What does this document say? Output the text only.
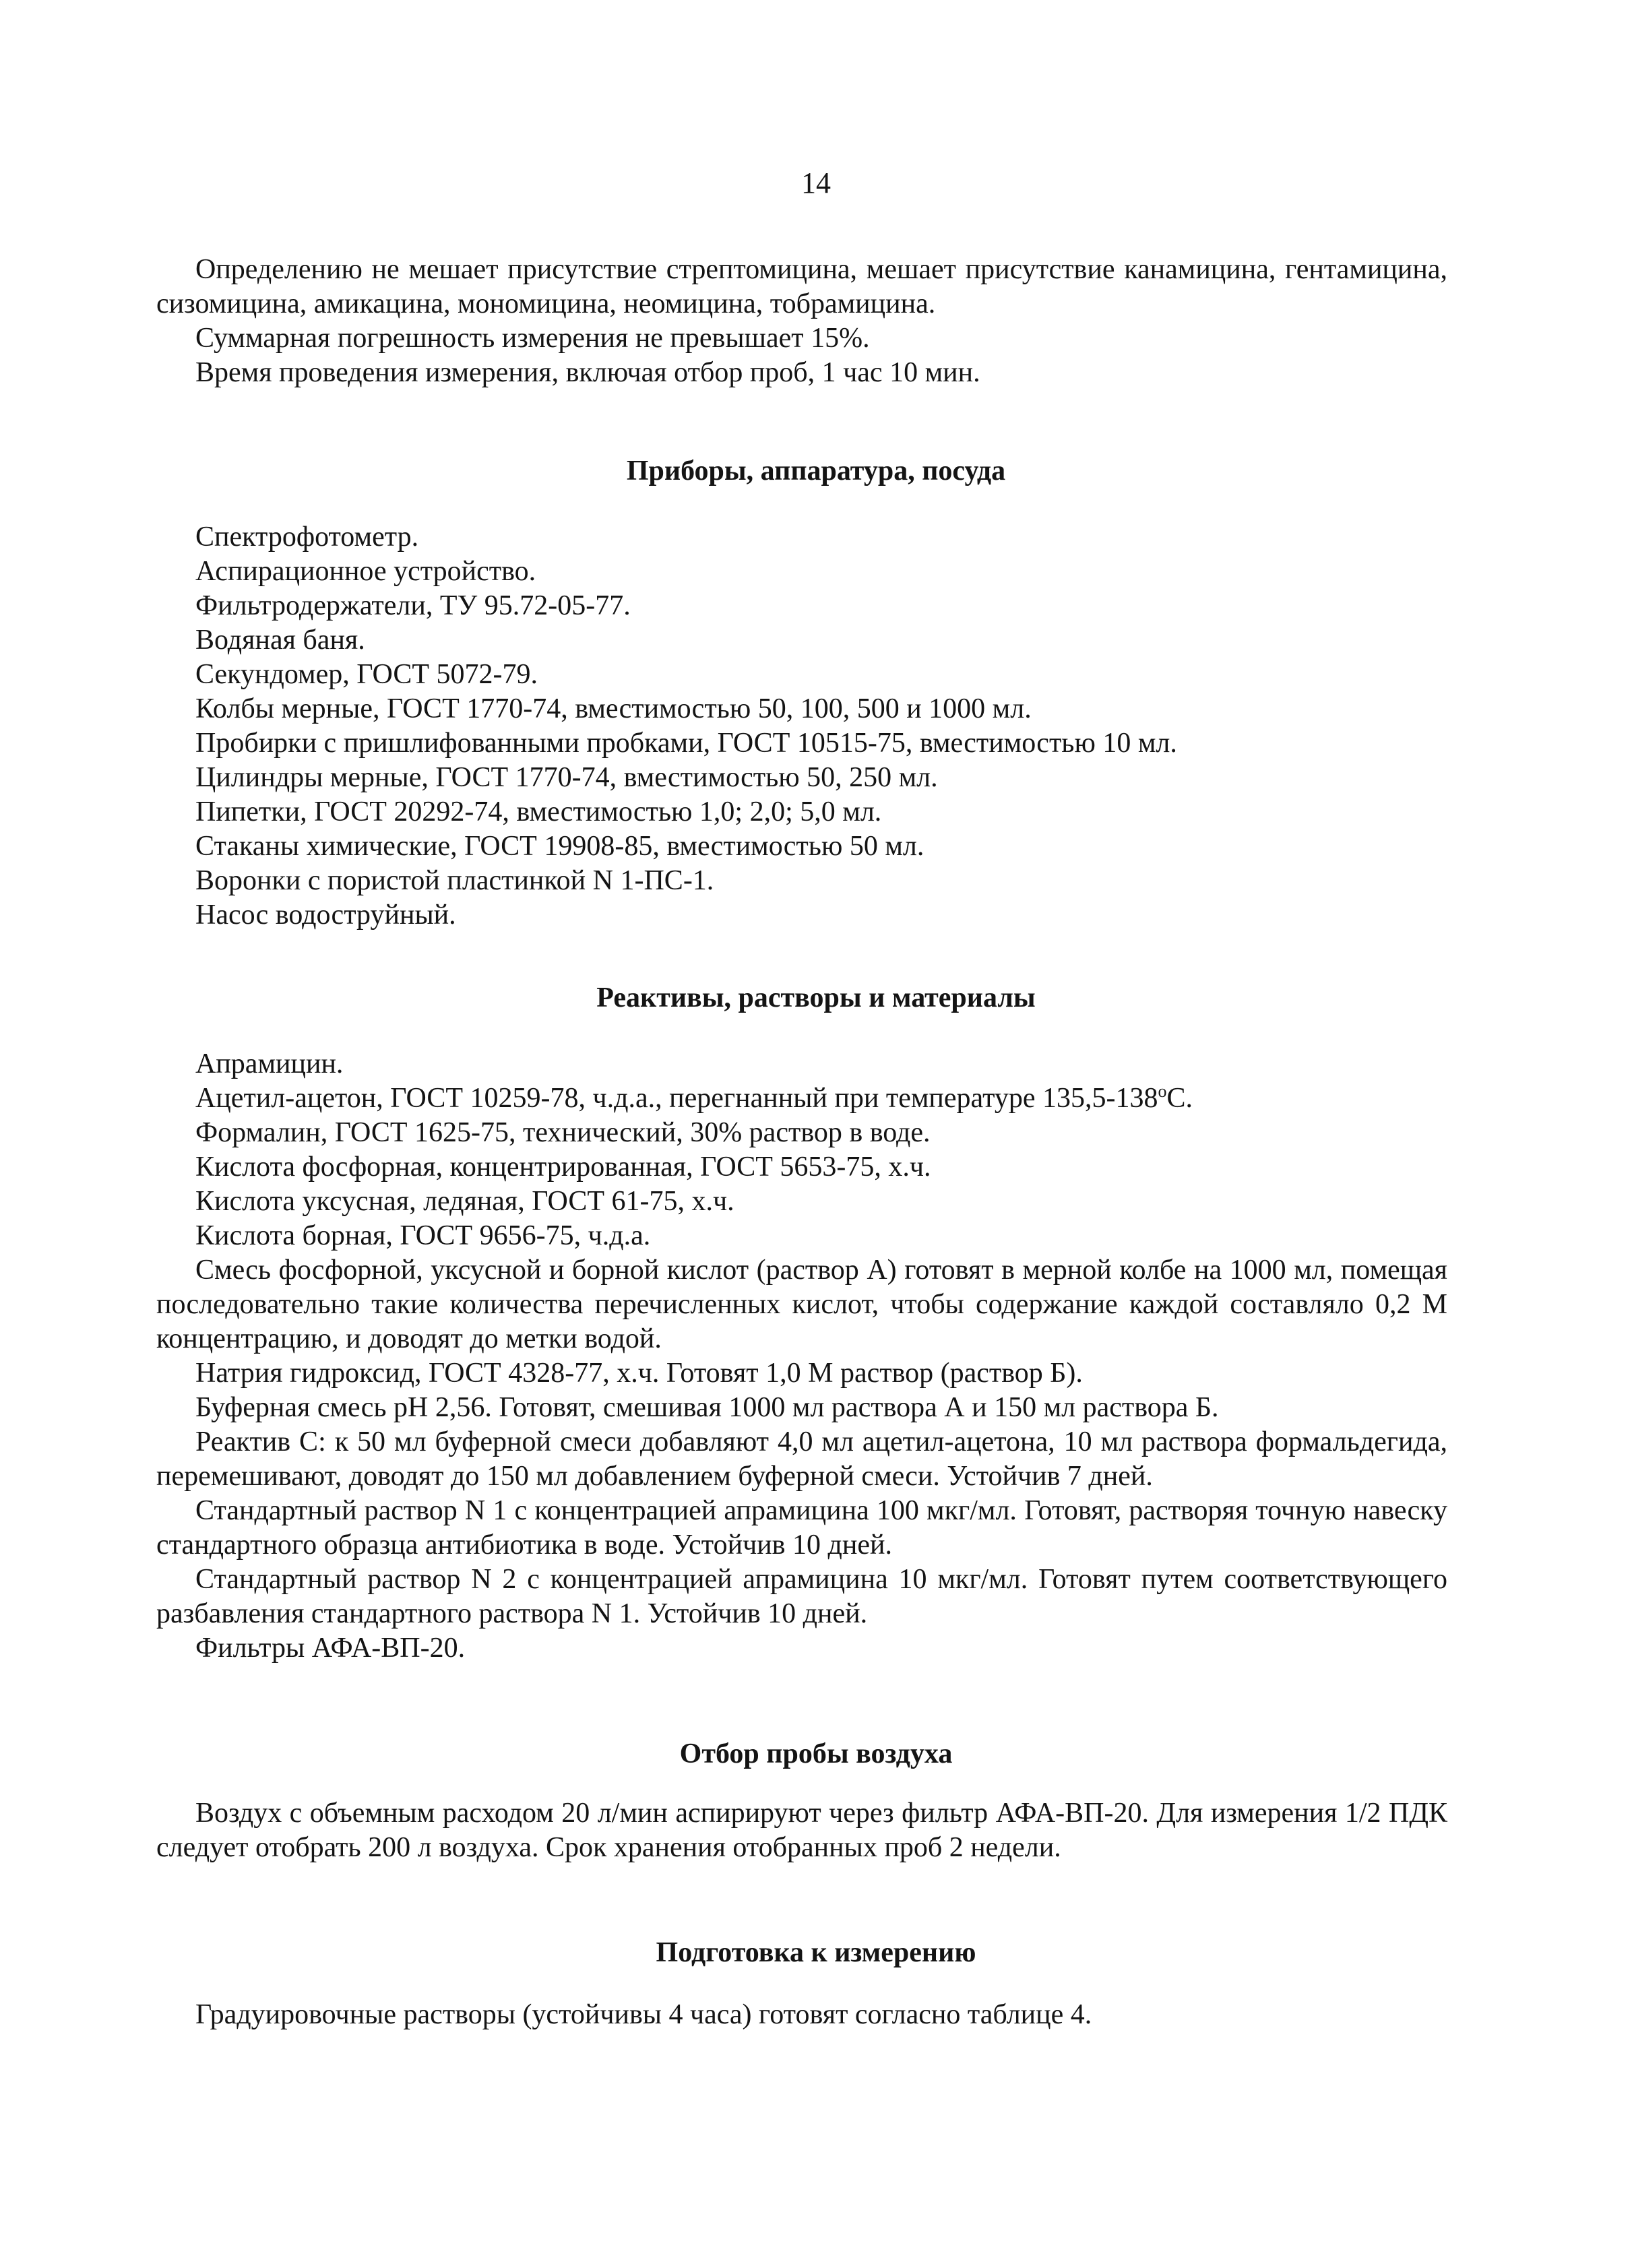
14

Определению не мешает присутствие стрептомицина, мешает присутствие канамицина, гентамицина, сизомицина, амикацина, мономицина, неомицина, тобрамицина.

Суммарная погрешность измерения не превышает 15%.

Время проведения измерения, включая отбор проб, 1 час 10 мин.

Приборы, аппаратура, посуда

Спектрофотометр.

Аспирационное устройство.

Фильтродержатели, ТУ 95.72-05-77.

Водяная баня.

Секундомер, ГОСТ 5072-79.

Колбы мерные, ГОСТ 1770-74, вместимостью 50, 100, 500 и 1000 мл.

Пробирки с пришлифованными пробками, ГОСТ 10515-75, вместимостью 10 мл.

Цилиндры мерные, ГОСТ 1770-74, вместимостью 50, 250 мл.

Пипетки, ГОСТ 20292-74, вместимостью 1,0; 2,0; 5,0 мл.

Стаканы химические, ГОСТ 19908-85, вместимостью 50 мл.

Воронки с пористой пластинкой N 1-ПС-1.

Насос водоструйный.

Реактивы, растворы и материалы

Апрамицин.

Ацетил-ацетон, ГОСТ 10259-78, ч.д.а., перегнанный при температуре $135,5-138^оС$.

Формалин, ГОСТ 1625-75, технический, 30% раствор в воде.

Кислота фосфорная, концентрированная, ГОСТ 5653-75, х.ч.

Кислота уксусная, ледяная, ГОСТ 61-75, х.ч.

Кислота борная, ГОСТ 9656-75, ч.д.а.

Смесь фосфорной, уксусной и борной кислот (раствор А) готовят в мерной колбе на 1000 мл, помещая последовательно такие количества перечисленных кислот, чтобы содержание каждой составляло 0,2 М концентрацию, и доводят до метки водой.

Натрия гидроксид, ГОСТ 4328-77, х.ч. Готовят 1,0 М раствор (раствор Б).

Буферная смесь рН 2,56. Готовят, смешивая 1000 мл раствора А и 150 мл раствора Б.

Реактив С: к 50 мл буферной смеси добавляют 4,0 мл ацетил-ацетона, 10 мл раствора формальдегида, перемешивают, доводят до 150 мл добавлением буферной смеси. Устойчив 7 дней.

Стандартный раствор N 1 с концентрацией апрамицина 100 мкг/мл. Готовят, растворяя точную навеску стандартного образца антибиотика в воде. Устойчив 10 дней.

Стандартный раствор N 2 с концентрацией апрамицина 10 мкг/мл. Готовят путем соответствующего разбавления стандартного раствора N 1. Устойчив 10 дней.

Фильтры АФА-ВП-20.

Отбор пробы воздуха

Воздух с объемным расходом 20 л/мин аспирируют через фильтр АФА-ВП-20. Для измерения 1/2 ПДК следует отобрать 200 л воздуха. Срок хранения отобранных проб 2 недели.

Подготовка к измерению

Градуировочные растворы (устойчивы 4 часа) готовят согласно таблице 4.
